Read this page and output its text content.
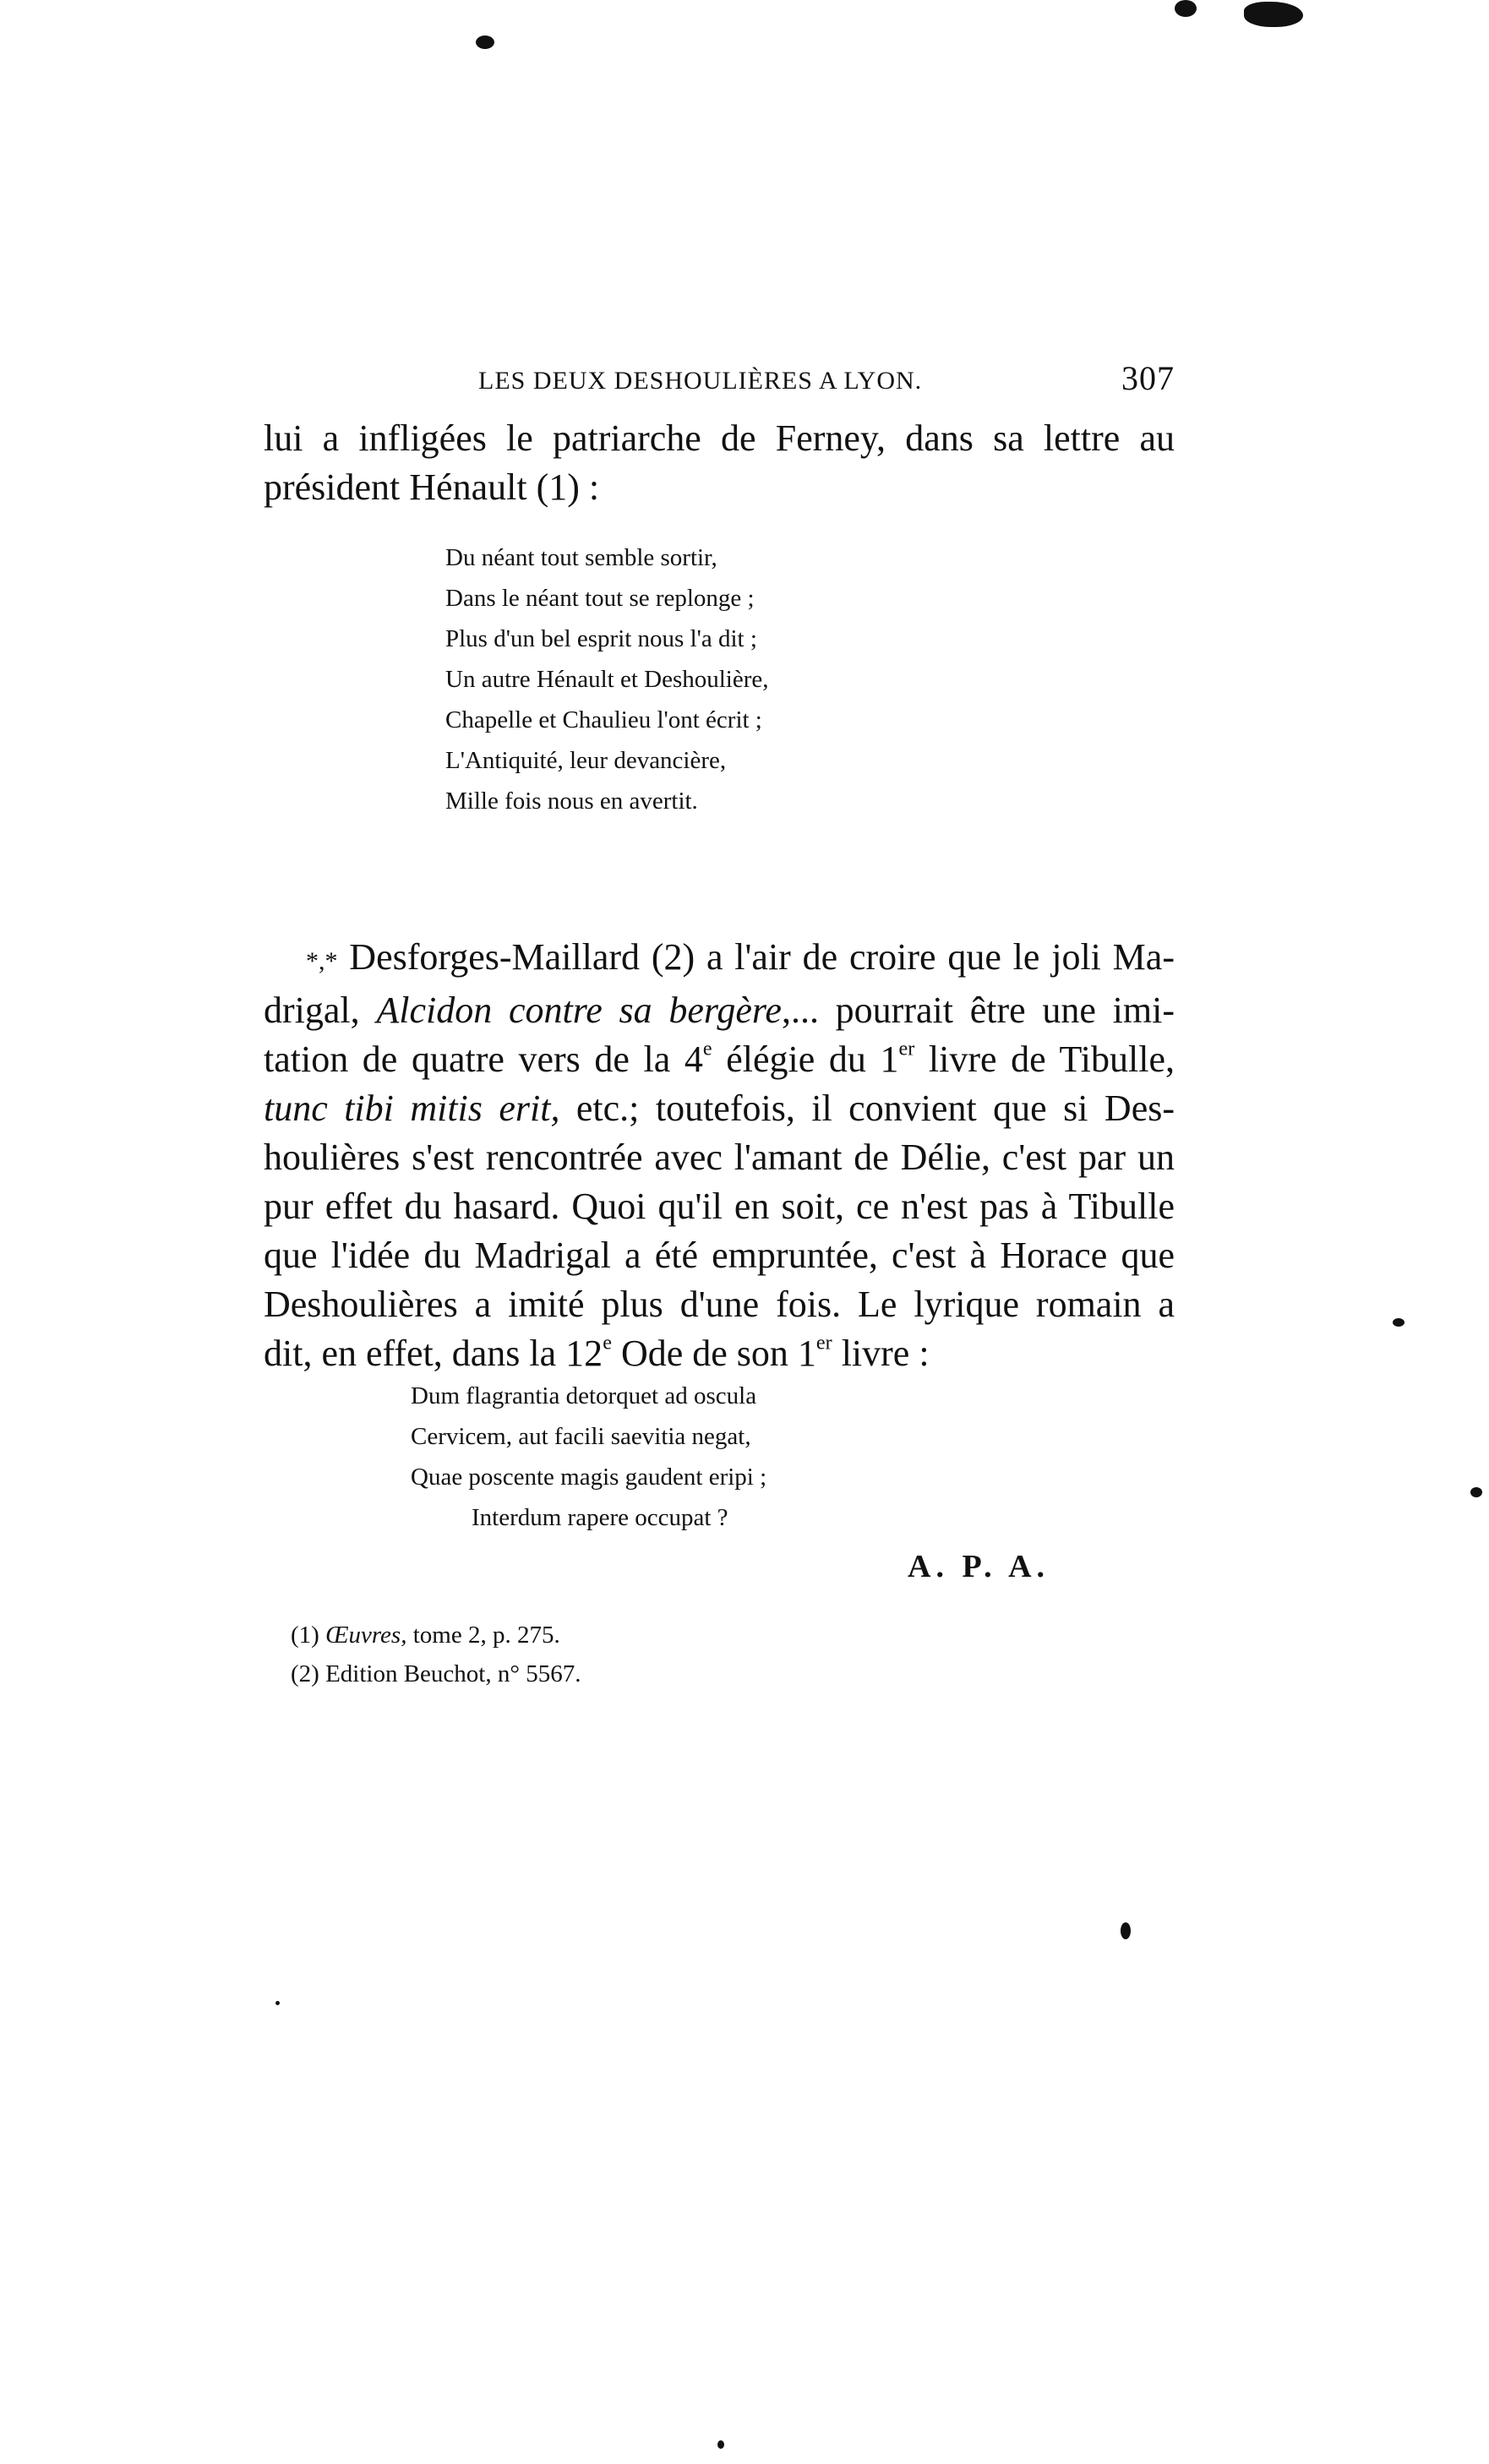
LES DEUX DESHOULIÈRES A LYON.	307
lui a infligées le patriarche de Ferney, dans sa lettre au
président Hénault (1) :
Du néant tout semble sortir,
Dans le néant tout se replonge ;
Plus d'un bel esprit nous l'a dit ;
Un autre Hénault et Deshoulière,
Chapelle et Chaulieu l'ont écrit ;
L'Antiquité, leur devancière,
Mille fois nous en avertit.
*,* Desforges-Maillard (2) a l'air de croire que le joli Ma-
drigal, Alcidon contre sa bergère,... pourrait être une imi-
tation de quatre vers de la 4e élégie du 1er livre de Tibulle,
tunc tibi mitis erit, etc.; toutefois, il convient que si Des-
houlières s'est rencontrée avec l'amant de Délie, c'est par un
pur effet du hasard. Quoi qu'il en soit, ce n'est pas à Tibulle
que l'idée du Madrigal a été empruntée, c'est à Horace que
Deshoulières a imité plus d'une fois. Le lyrique romain a
dit, en effet, dans la 12e Ode de son 1er livre :
Dum flagrantia detorquet ad oscula
Cervicem, aut facili saevitia negat,
Quae poscente magis gaudent eripi ;
Interdum rapere occupat ?
A. P. A.
(1) Œuvres, tome 2, p. 275.
(2) Edition Beuchot, n° 5567.
